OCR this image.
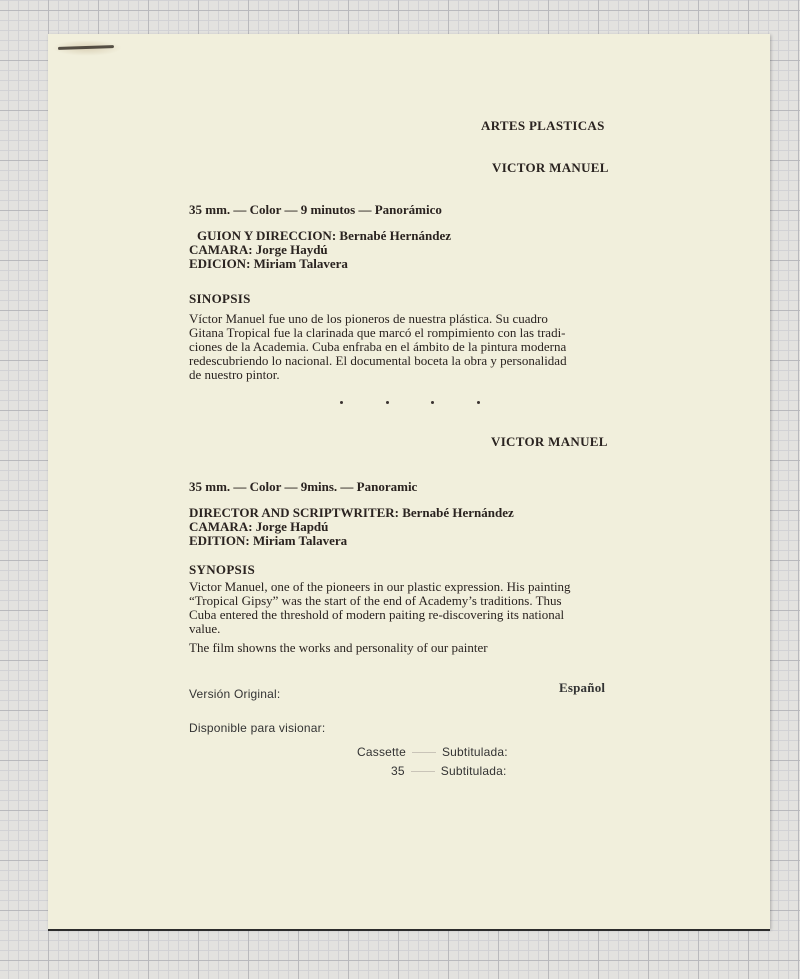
ARTES PLASTICAS
VICTOR MANUEL
35 mm. — Color — 9 minutos — Panorámico
GUION Y DIRECCION: Bernabé Hernández
CAMARA: Jorge Haydú
EDICION: Miriam Talavera
SINOPSIS
Víctor Manuel fue uno de los pioneros de nuestra plástica. Su cuadro
Gitana Tropical fue la clarinada que marcó el rompimiento con las tradi-
ciones de la Academia. Cuba enfraba en el ámbito de la pintura moderna
redescubriendo lo nacional. El documental boceta la obra y personalidad
de nuestro pintor.
VICTOR MANUEL
35 mm. — Color — 9mins. — Panoramic
DIRECTOR AND SCRIPTWRITER: Bernabé Hernández
CAMARA: Jorge Hapdú
EDITION: Miriam Talavera
SYNOPSIS
Victor Manuel, one of the pioneers in our plastic expression. His painting
“Tropical Gipsy” was the start of the end of Academy’s traditions. Thus
Cuba entered the threshold of modern paiting re-discovering its national
value.
The film showns the works and personality of our painter
Versión Original:	Español
Disponible para visionar:
Cassette	Subtitulada:
35	Subtitulada:
